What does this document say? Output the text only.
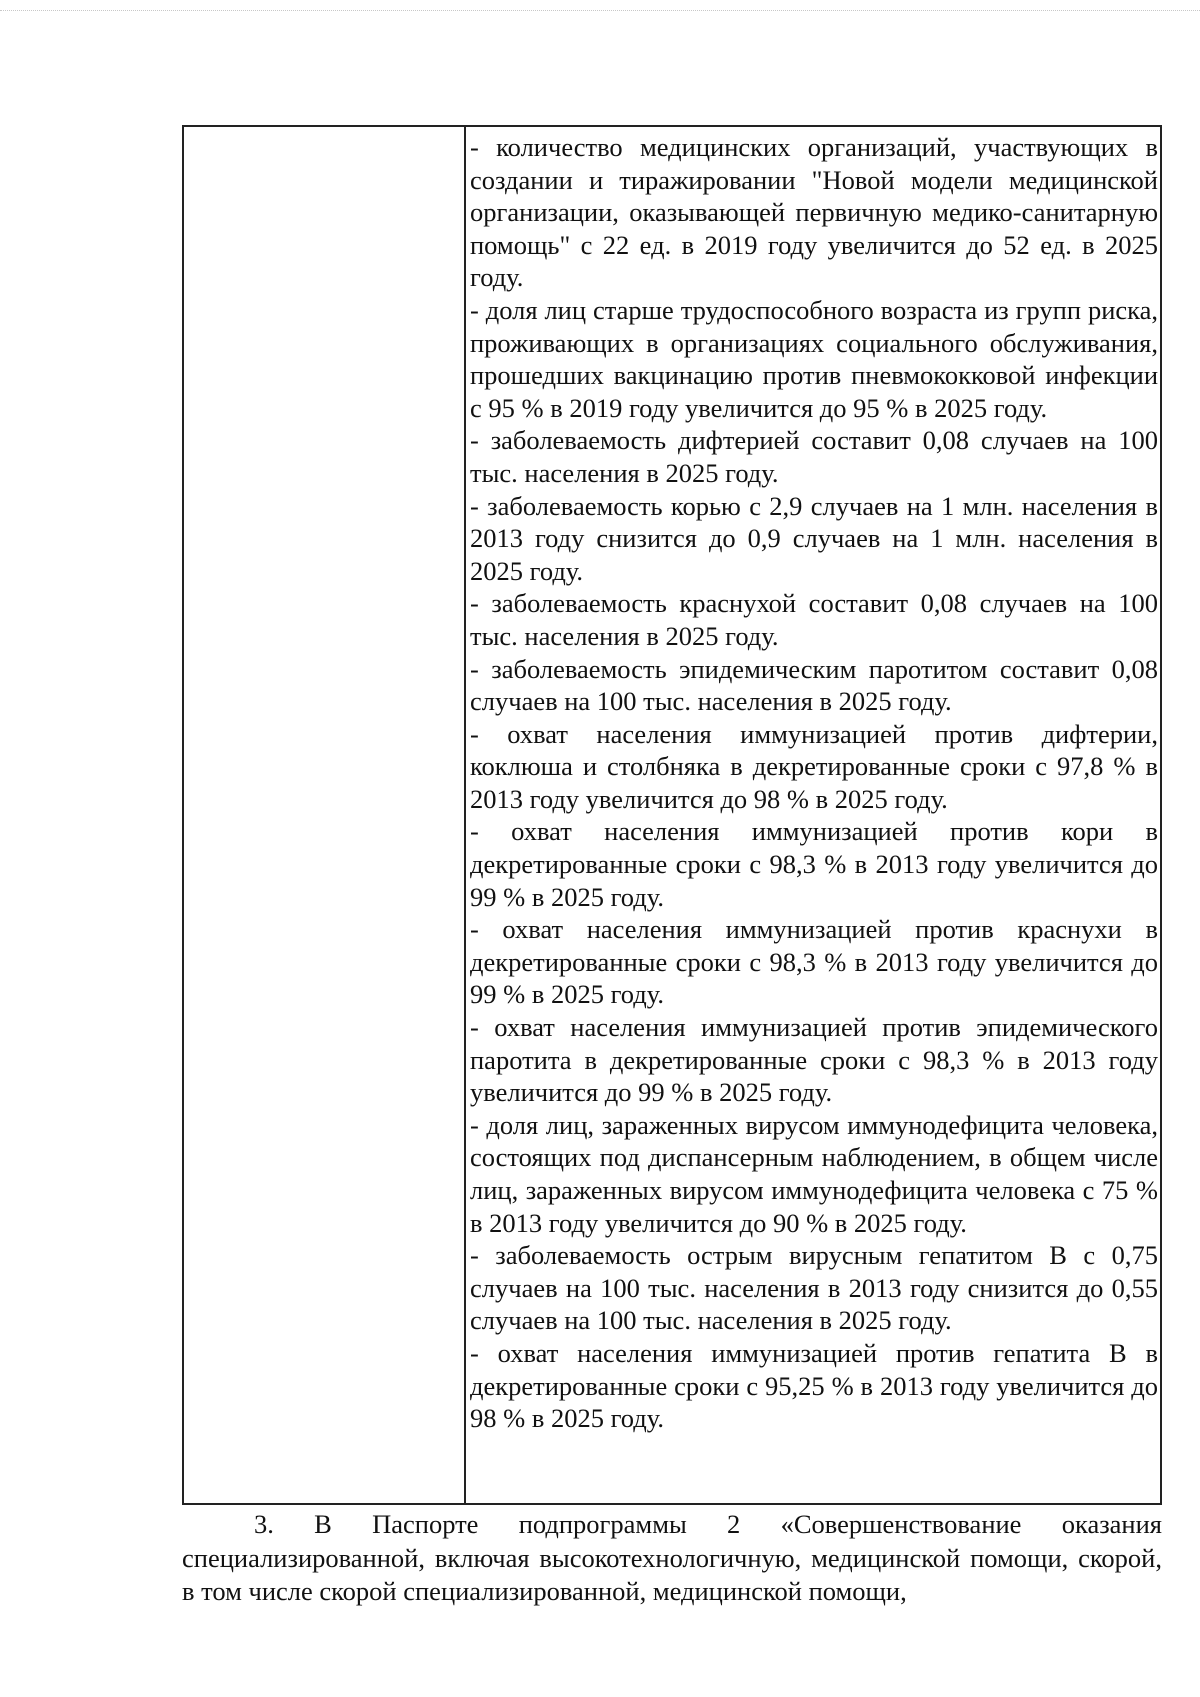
- количество медицинских организаций, участвующих в создании и тиражировании "Новой модели медицинской организации, оказывающей первичную медико-санитарную помощь" с 22 ед. в 2019 году увеличится до 52 ед. в 2025 году.

- доля лиц старше трудоспособного возраста из групп риска, проживающих в организациях социального обслуживания, прошедших вакцинацию против пневмококковой инфекции с 95 % в 2019 году увеличится до 95 % в 2025 году.

- заболеваемость дифтерией составит 0,08 случаев на 100 тыс. населения в 2025 году.

- заболеваемость корью с 2,9 случаев на 1 млн. населения в 2013 году снизится до 0,9 случаев на 1 млн. населения в 2025 году.

- заболеваемость краснухой составит 0,08 случаев на 100 тыс. населения в 2025 году.

- заболеваемость эпидемическим паротитом составит 0,08 случаев на 100 тыс. населения в 2025 году.

- охват населения иммунизацией против дифтерии, коклюша и столбняка в декретированные сроки с 97,8 % в 2013 году увеличится до 98 % в 2025 году.

- охват населения иммунизацией против кори в декретированные сроки с 98,3 % в 2013 году увеличится до 99 % в 2025 году.

- охват населения иммунизацией против краснухи в декретированные сроки с 98,3 % в 2013 году увеличится до 99 % в 2025 году.

- охват населения иммунизацией против эпидемического паротита в декретированные сроки с 98,3 % в 2013 году увеличится до 99 % в 2025 году.

- доля лиц, зараженных вирусом иммунодефицита человека, состоящих под диспансерным наблюдением, в общем числе лиц, зараженных вирусом иммунодефицита человека с 75 % в 2013 году увеличится до 90 % в 2025 году.

- заболеваемость острым вирусным гепатитом В с 0,75 случаев на 100 тыс. населения в 2013 году снизится до 0,55 случаев на 100 тыс. населения в 2025 году.

- охват населения иммунизацией против гепатита В в декретированные сроки с 95,25 % в 2013 году увеличится до 98 % в 2025 году.

3. В Паспорте подпрограммы 2 «Совершенствование оказания специализированной, включая высокотехнологичную, медицинской помощи, скорой, в том числе скорой специализированной, медицинской помощи,
